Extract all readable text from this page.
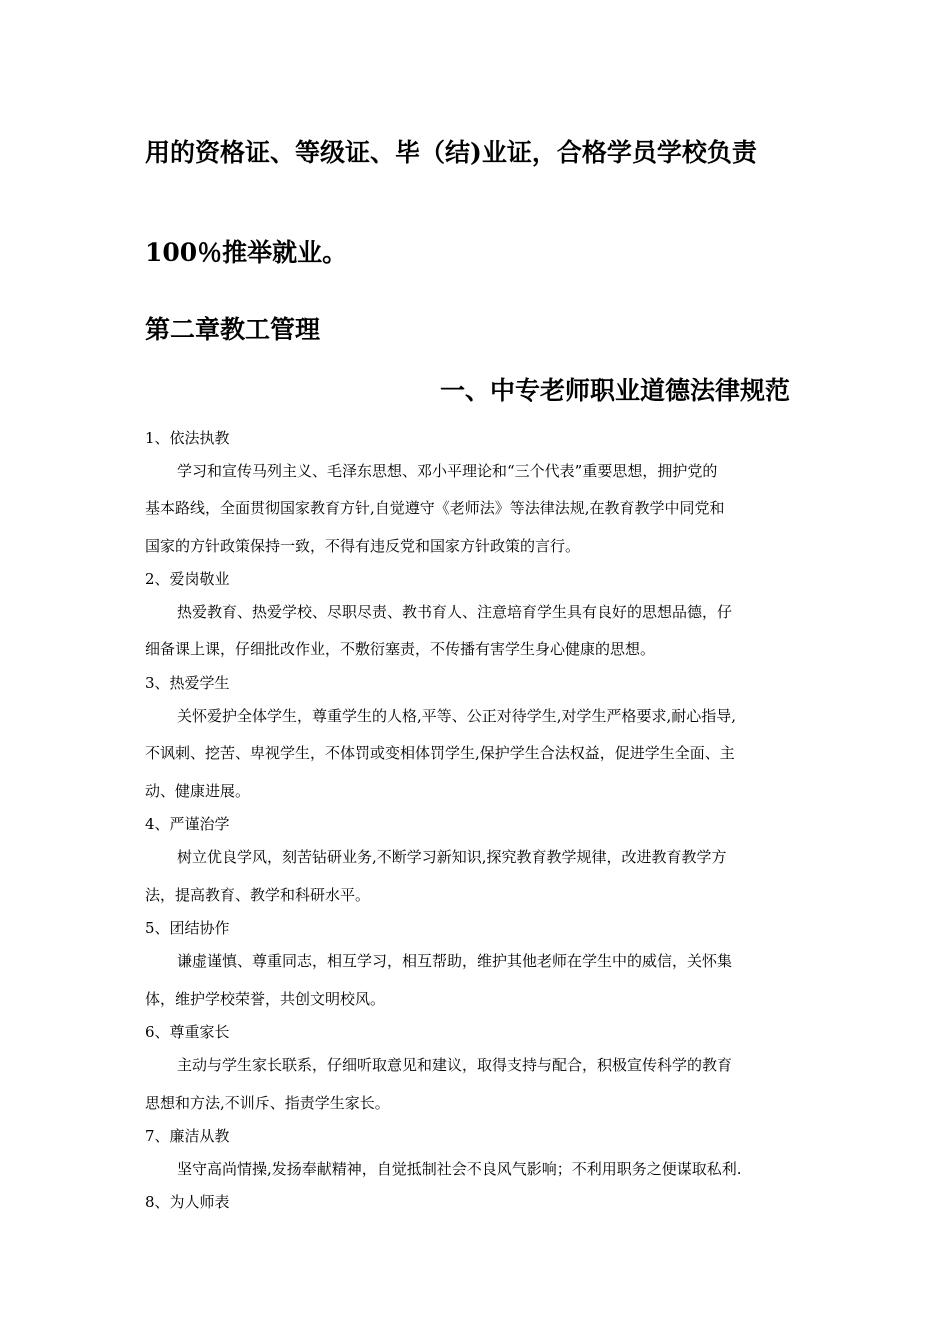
用的资格证、等级证、毕（结)业证，合格学员学校负责
100％推举就业。
第二章教工管理
一、中专老师职业道德法律规范
1、依法执教
学习和宣传马列主义、毛泽东思想、邓小平理论和“三个代表”重要思想，拥护党的
基本路线，全面贯彻国家教育方针,自觉遵守《老师法》等法律法规,在教育教学中同党和
国家的方针政策保持一致，不得有违反党和国家方针政策的言行。
2、爱岗敬业
热爱教育、热爱学校、尽职尽责、教书育人、注意培育学生具有良好的思想品德，仔
细备课上课，仔细批改作业，不敷衍塞责，不传播有害学生身心健康的思想。
3、热爱学生
关怀爱护全体学生，尊重学生的人格,平等、公正对待学生,对学生严格要求,耐心指导,
不讽刺、挖苦、卑视学生，不体罚或变相体罚学生,保护学生合法权益，促进学生全面、主
动、健康进展。
4、严谨治学
树立优良学风，刻苦钻研业务,不断学习新知识,探究教育教学规律，改进教育教学方
法，提高教育、教学和科研水平。
5、团结协作
谦虚谨慎、尊重同志，相互学习，相互帮助，维护其他老师在学生中的威信，关怀集
体，维护学校荣誉，共创文明校风。
6、尊重家长
主动与学生家长联系，仔细听取意见和建议，取得支持与配合，积极宣传科学的教育
思想和方法,不训斥、指责学生家长。
7、廉洁从教
坚守高尚情操,发扬奉献精神，自觉抵制社会不良风气影响；不利用职务之便谋取私利.
8、为人师表
